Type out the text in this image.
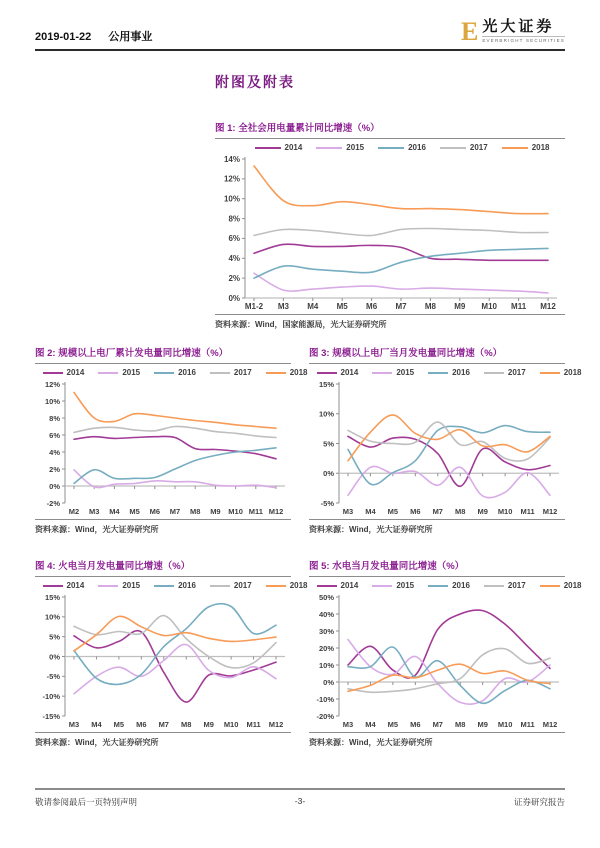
2019-01-22 公用事业	E 光大证券
EVERBRIGHT SECURITIES
附图及附表
图 1: 全社会用电量累计同比增速（%）
2014	2015	2016	2017	2018
0%
2%
4%
6%
8%
10%
12%
14%
M1-2 M3 M4 M5 M6 M7 M8 M9 M10 M11 M12
资料来源：Wind，国家能源局，光大证券研究所
图 2: 规模以上电厂累计发电量同比增速（%）
2014	2015	2016	2017	2018
-2%
0%
2%
4%
6%
8%
10%
12%
M2 M3 M4 M5 M6 M7 M8 M9 M10 M11 M12
资料来源：Wind，光大证券研究所
图 3: 规模以上电厂当月发电量同比增速（%）
2014	2015	2016	2017	2018
-5%
0%
5%
10%
15%
M3 M4 M5 M6 M7 M8 M9 M10 M11 M12
资料来源：Wind，光大证券研究所
图 4: 火电当月发电量同比增速（%）
2014	2015	2016	2017	2018
-15%
-10%
-5%
0%
5%
10%
15%
M3 M4 M5 M6 M7 M8 M9 M10 M11 M12
资料来源：Wind，光大证券研究所
图 5: 水电当月发电量同比增速（%）
2014	2015	2016	2017	2018
-20%
-10%
0%
10%
20%
30%
40%
50%
M3 M4 M5 M6 M7 M8 M9 M10 M11 M12
资料来源：Wind，光大证券研究所
-3-
敬请参阅最后一页特别声明	证券研究报告
